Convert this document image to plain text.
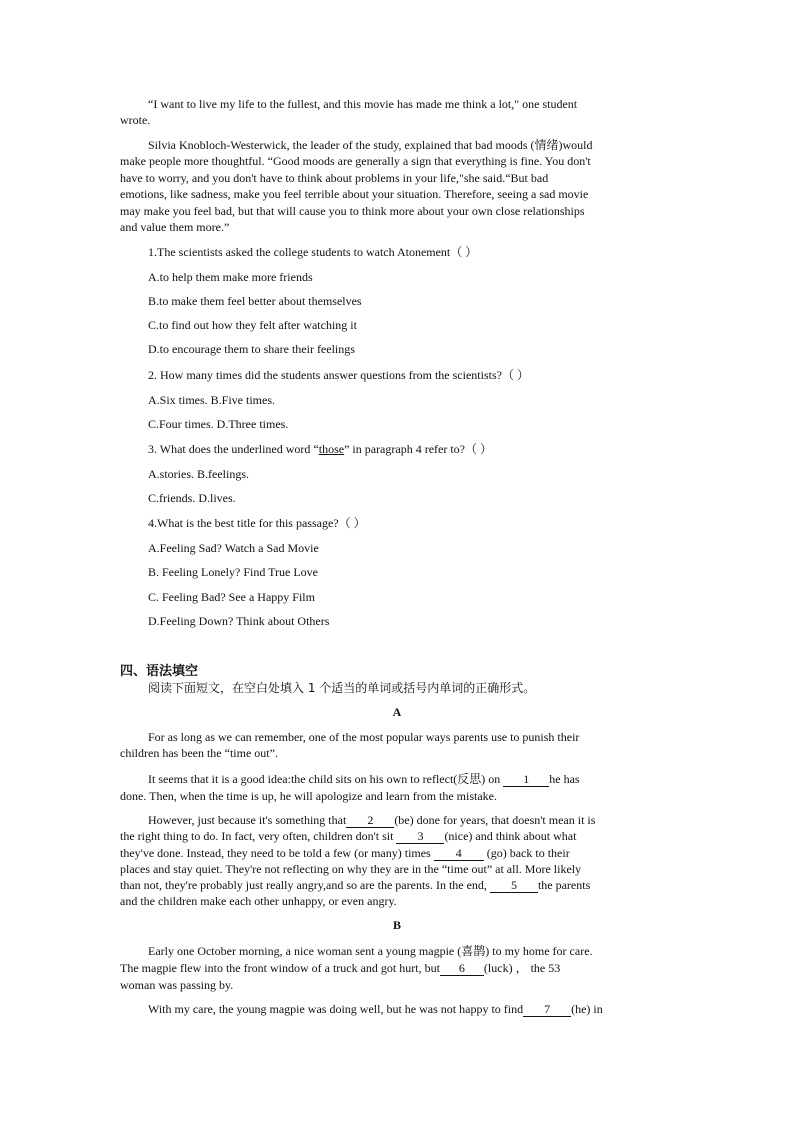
“I want to live my life to the fullest, and this movie has made me think a lot," one student
wrote.
Silvia Knobloch-Westerwick, the leader of the study, explained that bad moods (情绪)would
make people more thoughtful. “Good moods are generally a sign that everything is fine. You don't
have to worry, and you don't have to think about problems in your life,"she said.“But bad
emotions, like sadness, make you feel terrible about your situation. Therefore, seeing a sad movie
may make you feel bad, but that will cause you to think more about your own close relationships
and value them more.”
1.The scientists asked the college students to watch Atonement（ ）
A.to help them make more friends
B.to make them feel better about themselves
C.to find out how they felt after watching it
D.to encourage them to share their feelings
2. How many times did the students answer questions from the scientists?（ ）
A.Six times. B.Five times.
C.Four times. D.Three times.
3. What does the underlined word “those” in paragraph 4 refer to?（ ）
A.stories. B.feelings.
C.friends. D.lives.
4.What is the best title for this passage?（ ）
A.Feeling Sad? Watch a Sad Movie
B. Feeling Lonely? Find True Love
C. Feeling Bad? See a Happy Film
D.Feeling Down? Think about Others
四、语法填空
阅读下面短文，在空白处填入 1 个适当的单词或括号内单词的正确形式。
A
For as long as we can remember, one of the most popular ways parents use to punish their
children has been the “time out”.
It seems that it is a good idea:the child sits on his own to reflect(反思) on 1 he has
done. Then, when the time is up, he will apologize and learn from the mistake.
However, just because it's something that 2 (be) done for years, that doesn't mean it is
the right thing to do. In fact, very often, children don't sit 3 (nice) and think about what
they've done. Instead, they need to be told a few (or many) times 4 (go) back to their
places and stay quiet. They're not reflecting on why they are in the “time out” at all. More likely
than not, they're probably just really angry,and so are the parents. In the end, 5 the parents
and the children make each other unhappy, or even angry.
B
Early one October morning, a nice woman sent a young magpie (喜鹊) to my home for care.
The magpie flew into the front window of a truck and got hurt, but 6 (luck) ， the 53
woman was passing by.
With my care, the young magpie was doing well, but he was not happy to find 7 (he) in
